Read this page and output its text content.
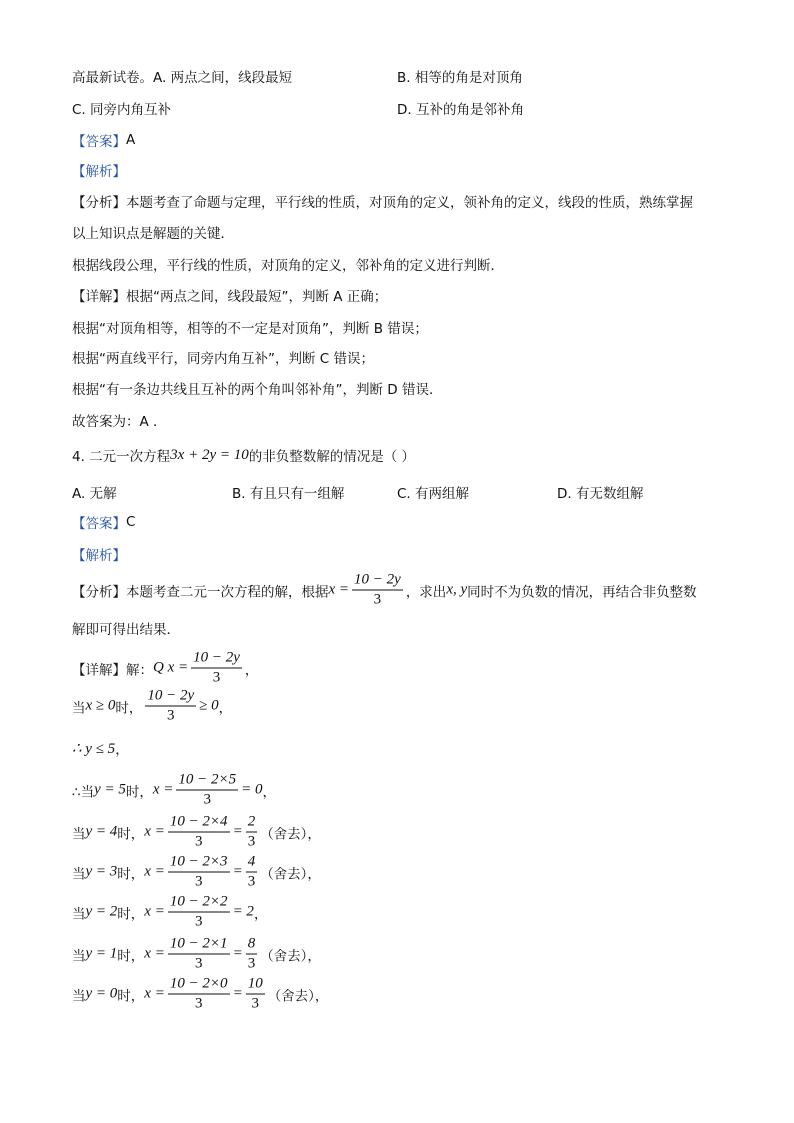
高最新试卷。A. 两点之间，线段最短	B. 相等的角是对顶角
C. 同旁内角互补	D. 互补的角是邻补角
【答案】 A
【解析】
【分析】本题考查了命题与定理，平行线的性质，对顶角的定义，领补角的定义，线段的性质，熟练掌握
以上知识点是解题的关键．
根据线段公理，平行线的性质，对顶角的定义，邻补角的定义进行判断．
【详解】根据“两点之间，线段最短”，判断 A 正确；
根据“对顶角相等，相等的不一定是对顶角”，判断 B 错误；
根据“两直线平行，同旁内角互补”，判断 C 错误；
根据“有一条边共线且互补的两个角叫邻补角”，判断 D 错误．
故答案为：A ．
4. 二元一次方程 3x + 2y = 10 的非负整数解的情况是（ ）
A. 无解	B. 有且只有一组解	C. 有两组解	D. 有无数组解
【答案】 C
【解析】
【分析】本题考查二元一次方程的解，根据 $x = \frac{10 - 2y}{3}$ ，求出 x, y 同时不为负数的情况，再结合非负整数
解即可得出结果．
【详解】解： Q $x = \frac{10 - 2y}{3}$ ，
当 x ≥ 0 时， $\frac{10 - 2y}{3} \ge 0$ ，
∴ y ≤ 5 ，
∴当 y = 5 时， $x = \frac{10 - 2\times 5}{3} = 0$ ，
当 y = 4 时， $x = \frac{10 - 2\times 4}{3} = \frac{2}{3}$ （舍去），
当 y = 3 时， $x = \frac{10 - 2\times 3}{3} = \frac{4}{3}$ （舍去），
当 y = 2 时， $x = \frac{10 - 2\times 2}{3} = 2$ ，
当 y = 1 时， $x = \frac{10 - 2\times 1}{3} = \frac{8}{3}$ （舍去），
当 y = 0 时， $x = \frac{10 - 2\times 0}{3} = \frac{10}{3}$ （舍去），
